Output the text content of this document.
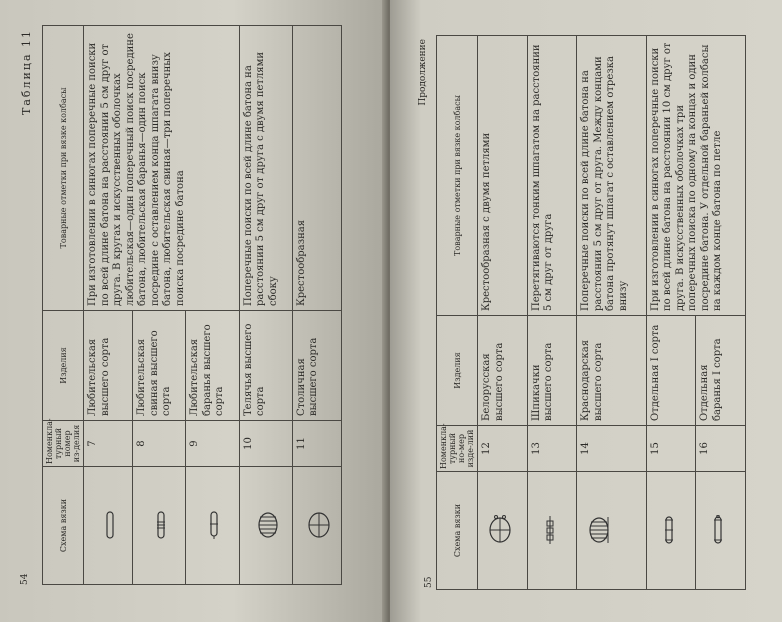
Таблица 11
54
Схема вязки	Номенкла-турный номер из-делия	Изделия	Товарные отметки при вязке колбасы

	7	Любительская высшего сорта	При изготовлении в синюгах поперечные поиски по всей длине батона на расстоянии 5 см друг от друга. В кругах и искусственных оболочках любительская—один поперечный поиск посредине батона, любительская баранья—один поиск посредине с оставлением конца шпагата внизу батона, любительская свиная—три поперечных поиска посредине батона

	8	Любительская свиная высшего сорта	

	9	Любительская баранья высшего сорта	

	10	Телячья высшего сорта	Поперечные поиски по всей длине батона на расстоянии 5 см друг от друга с двумя петлями сбоку

	11	Столичная высшего сорта	Крестообразная
Продолжение
55
Схема вязки	Номенкла-турный но-мер изде-лий	Изделия	Товарные отметки при вязке колбасы

	12	Белорусская высшего сорта	Крестообразная с двумя петлями

	13	Шпикачки высшего сорта	Перетягиваются тонким шпагатом на расстоянии 5 см друг от друга

	14	Краснодарская высшего сорта	Поперечные поиски по всей длине батона на расстоянии 5 см друг от друга. Между концами батона протянут шпагат с оставлением отрезка внизу

	15	Отдельная I сорта	При изготовлении в синюгах поперечные поиски по всей длине батона на расстоянии 10 см друг от друга. В искусственных оболочках три поперечных поиска по одному на концах и один посредине батона. У отдельной бараньей колбасы на каждом конце батона по петле

	16	Отдельная баранья I сорта	
